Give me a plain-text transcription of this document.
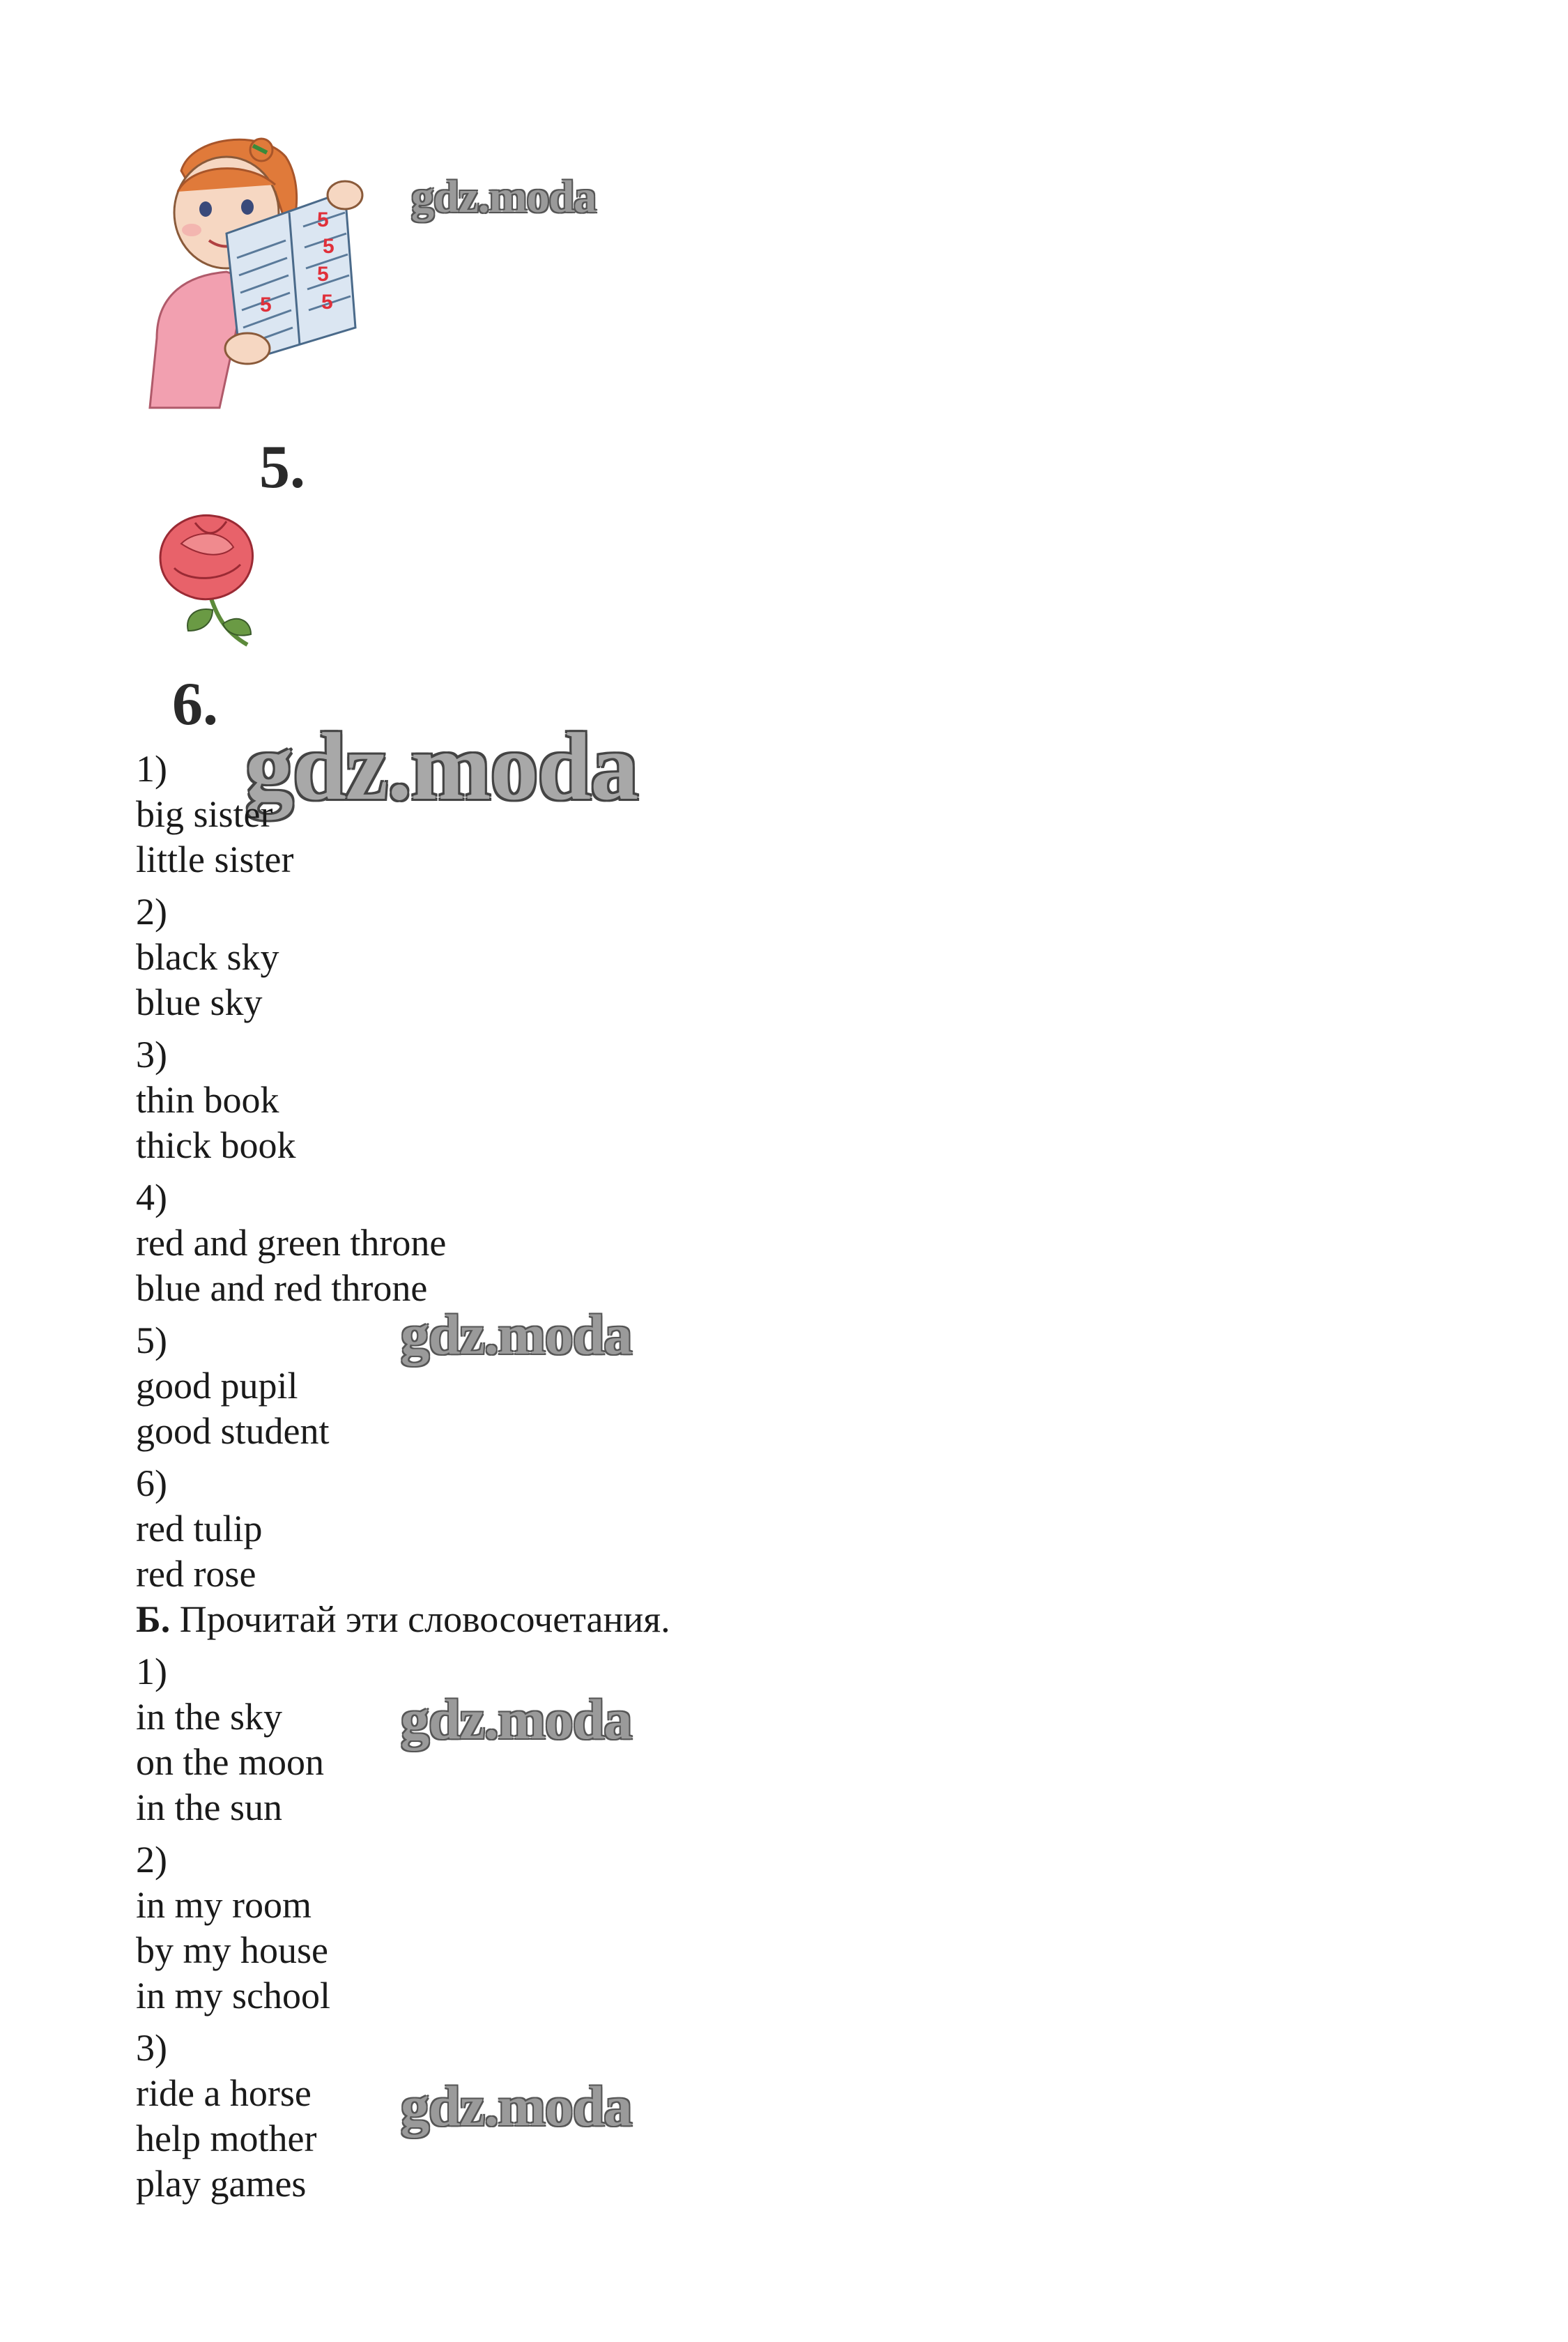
5
5
5
5
5
gdz.moda
5.
6.
gdz.moda
1)
big sister
little sister
2)
black sky
blue sky
3)
thin book
thick book
4)
red and green throne
blue and red throne
5)
good pupil
good student
6)
red tulip
red rose
gdz.moda
Б. Прочитай эти словосочетания.
1)
in the sky
on the moon
in the sun
2)
in my room
by my house
in my school
3)
ride a horse
help mother
play games
gdz.moda
gdz.moda
